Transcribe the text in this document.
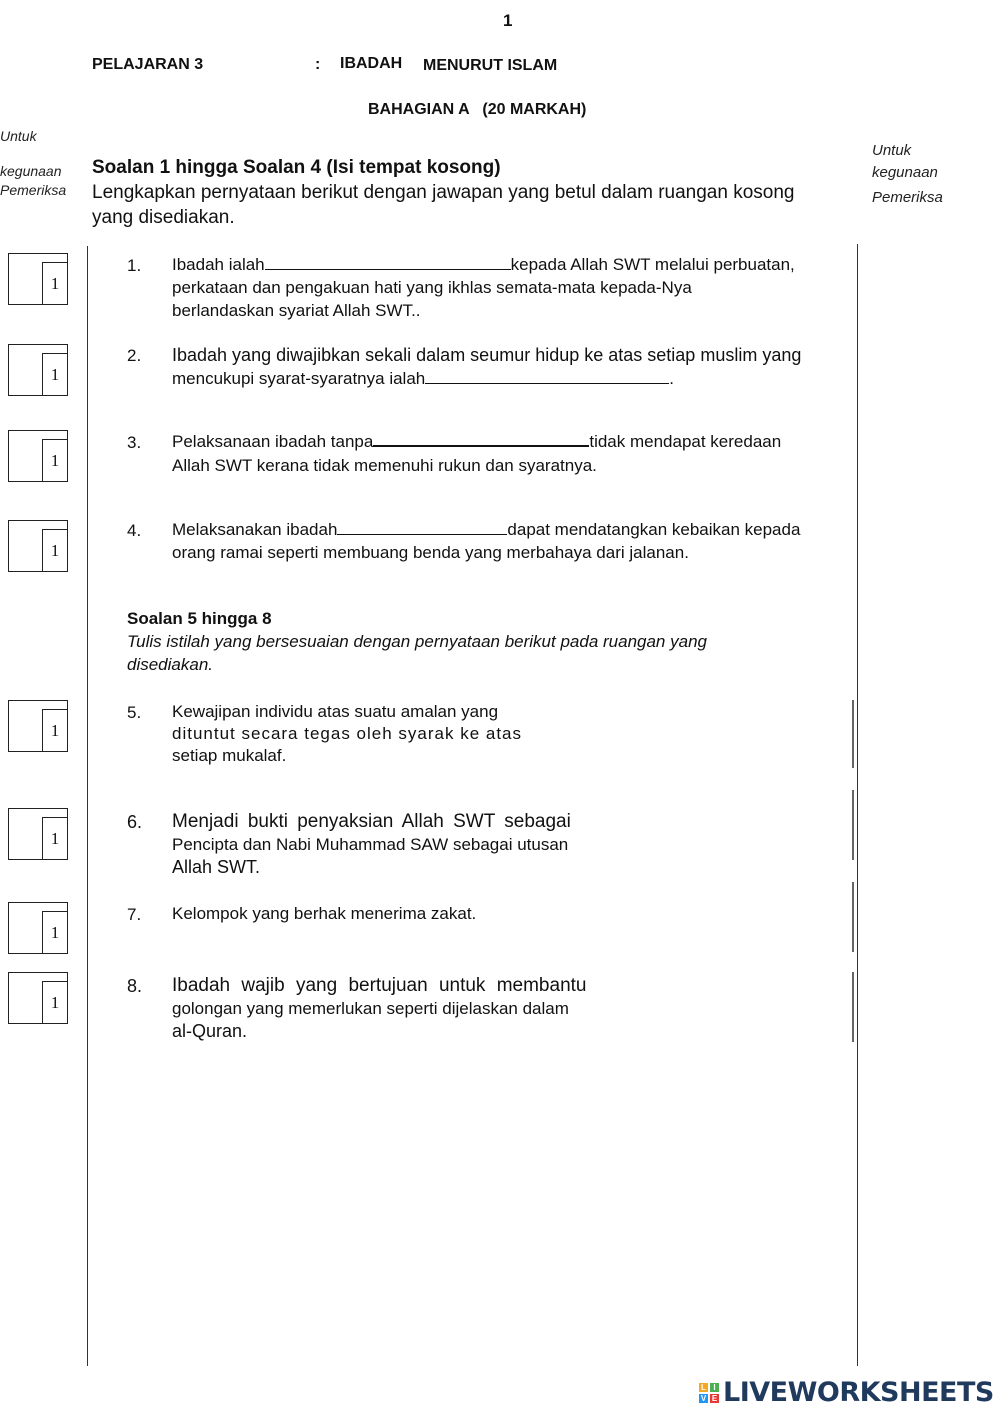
1
PELAJARAN 3	: IBADAH MENURUT ISLAM
BAHAGIAN A   (20 MARKAH)
Untuk
kegunaan
Pemeriksa
Untuk
kegunaan
Pemeriksa
Soalan 1 hingga Soalan 4 (Isi tempat kosong)
Lengkapkan pernyataan berikut dengan jawapan yang betul dalam ruangan kosong
yang disediakan.
1
1
1
1
1
1
1
1
1. Ibadah ialah	kepada Allah SWT melalui perbuatan,
perkataan dan pengakuan hati yang ikhlas semata-mata kepada-Nya
berlandaskan syariat Allah SWT..
2. Ibadah yang diwajibkan sekali dalam seumur hidup ke atas setiap muslim yang
mencukupi syarat-syaratnya ialah	.
3. Pelaksanaan ibadah tanpa	tidak mendapat keredaan
Allah SWT kerana tidak memenuhi rukun dan syaratnya.
4. Melaksanakan ibadah	dapat mendatangkan kebaikan kepada
orang ramai seperti membuang benda yang merbahaya dari jalanan.
Soalan 5 hingga 8
Tulis istilah yang bersesuaian dengan pernyataan berikut pada ruangan yang
disediakan.
5. Kewajipan individu atas suatu amalan yang
dituntut secara tegas oleh syarak ke atas
setiap mukalaf.
6. Menjadi bukti penyaksian Allah SWT sebagai
Pencipta dan Nabi Muhammad SAW sebagai utusan
Allah SWT.
7. Kelompok yang berhak menerima zakat.
8. Ibadah wajib yang bertujuan untuk membantu
golongan yang memerlukan seperti dijelaskan dalam
al-Quran.
L I
V E LIVEWORKSHEETS
